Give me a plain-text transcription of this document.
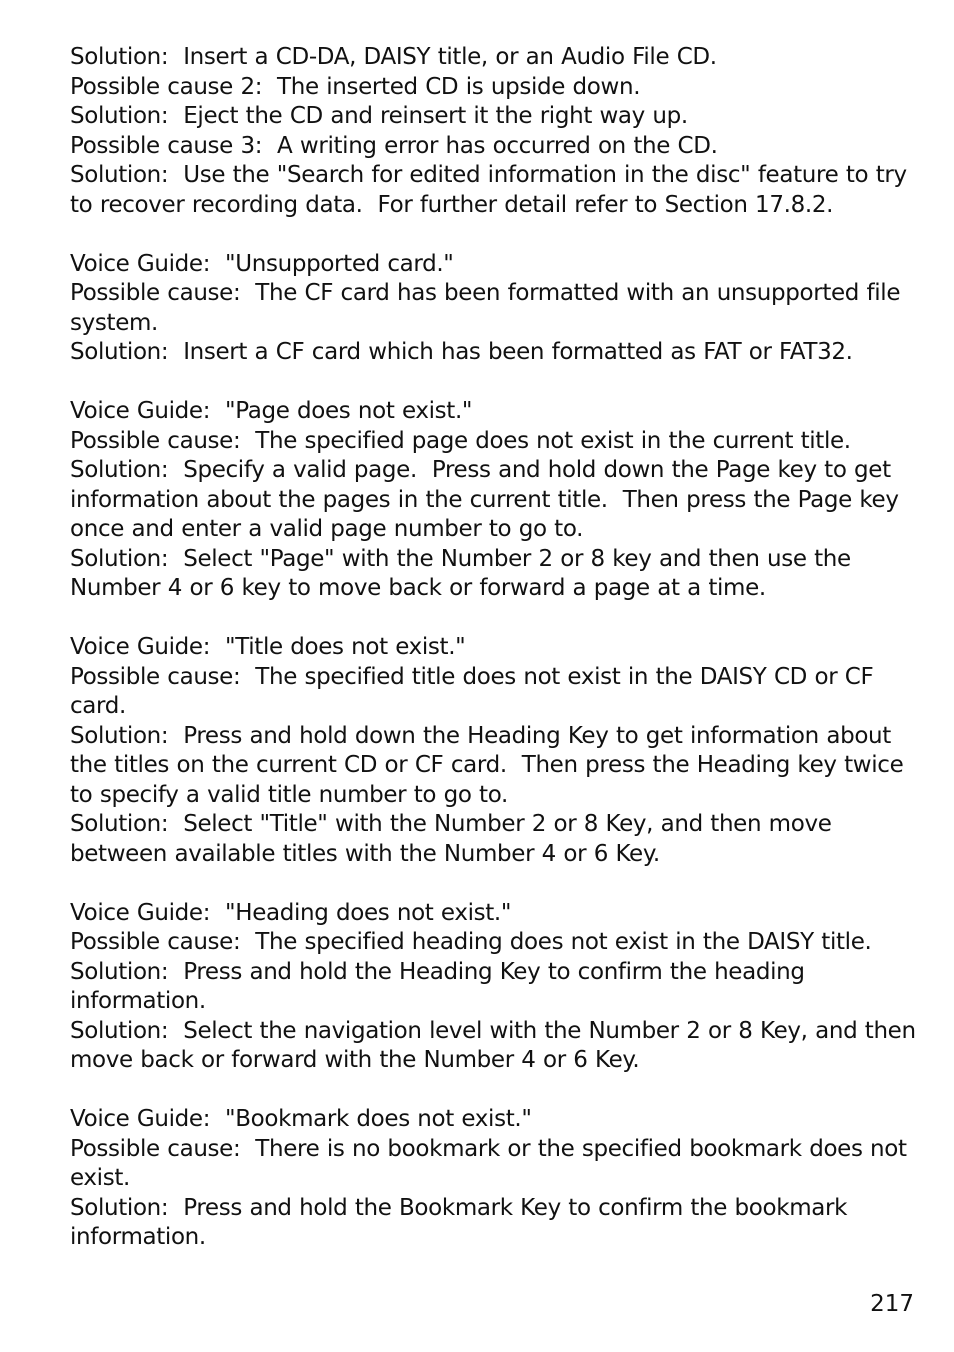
Solution:  Insert a CD-DA, DAISY title, or an Audio File CD.
Possible cause 2:  The inserted CD is upside down.
Solution:  Eject the CD and reinsert it the right way up.
Possible cause 3:  A writing error has occurred on the CD.
Solution:  Use the "Search for edited information in the disc" feature to try to recover recording data.  For further detail refer to Section 17.8.2.
Voice Guide:  "Unsupported card."
Possible cause:  The CF card has been formatted with an unsupported file system.
Solution:  Insert a CF card which has been formatted as FAT or FAT32.
Voice Guide:  "Page does not exist."
Possible cause:  The specified page does not exist in the current title.
Solution:  Specify a valid page.  Press and hold down the Page key to get information about the pages in the current title.  Then press the Page key once and enter a valid page number to go to.
Solution:  Select "Page" with the Number 2 or 8 key and then use the Number 4 or 6 key to move back or forward a page at a time.
Voice Guide:  "Title does not exist."
Possible cause:  The specified title does not exist in the DAISY CD or CF card.
Solution:  Press and hold down the Heading Key to get information about the titles on the current CD or CF card.  Then press the Heading key twice to specify a valid title number to go to.
Solution:  Select "Title" with the Number 2 or 8 Key, and then move between available titles with the Number 4 or 6 Key.
Voice Guide:  "Heading does not exist."
Possible cause:  The specified heading does not exist in the DAISY title.
Solution:  Press and hold the Heading Key to confirm the heading information.
Solution:  Select the navigation level with the Number 2 or 8 Key, and then move back or forward with the Number 4 or 6 Key.
Voice Guide:  "Bookmark does not exist."
Possible cause:  There is no bookmark or the specified bookmark does not exist.
Solution:  Press and hold the Bookmark Key to confirm the bookmark information.
217
